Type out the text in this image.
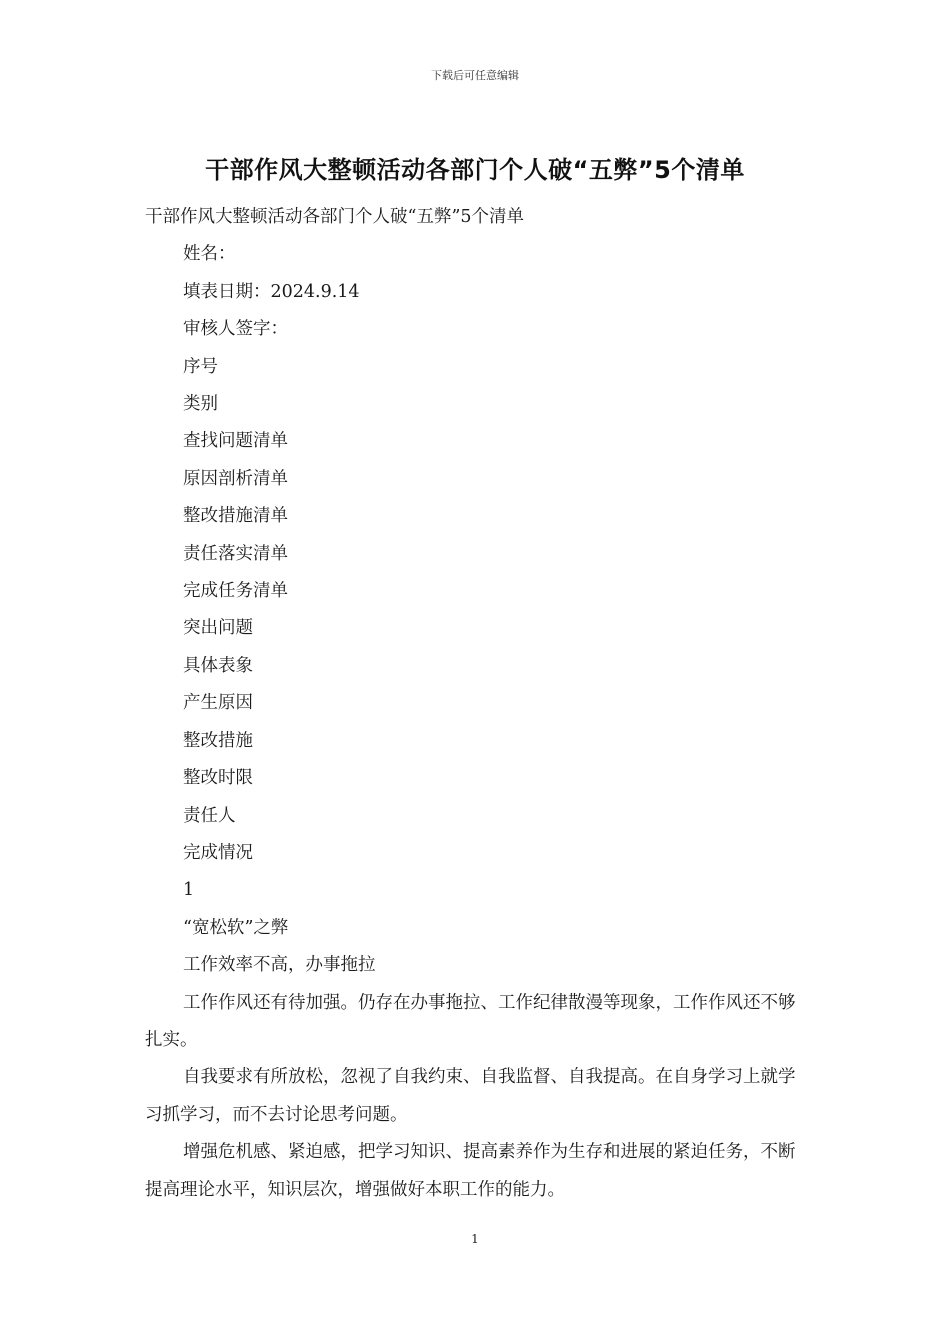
下载后可任意编辑
干部作风大整顿活动各部门个人破“五弊”5个清单
干部作风大整顿活动各部门个人破“五弊”5个清单
姓名：
填表日期：2024.9.14
审核人签字：
序号
类别
查找问题清单
原因剖析清单
整改措施清单
责任落实清单
完成任务清单
突出问题
具体表象
产生原因
整改措施
整改时限
责任人
完成情况
1
“宽松软”之弊
工作效率不高，办事拖拉
工作作风还有待加强。仍存在办事拖拉、工作纪律散漫等现象，工作作风还不够扎实。
自我要求有所放松，忽视了自我约束、自我监督、自我提高。在自身学习上就学习抓学习，而不去讨论思考问题。
增强危机感、紧迫感，把学习知识、提高素养作为生存和进展的紧迫任务，不断提高理论水平，知识层次，增强做好本职工作的能力。
1
